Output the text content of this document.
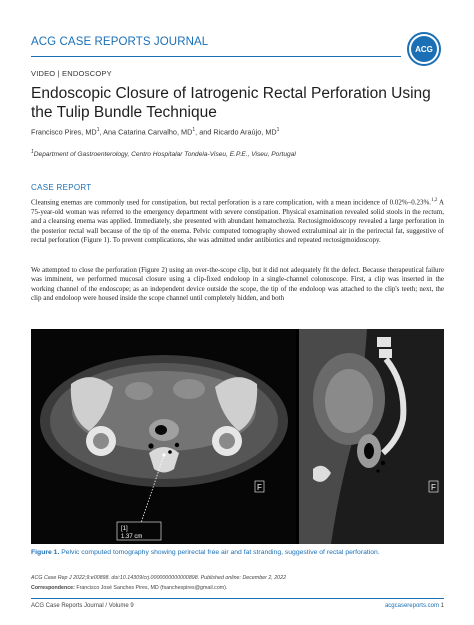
ACG CASE REPORTS JOURNAL
ACG
VIDEO | ENDOSCOPY
Endoscopic Closure of Iatrogenic Rectal Perforation Using the Tulip Bundle Technique
Francisco Pires, $MD^1$, Ana Catarina Carvalho, $MD^1$, and Ricardo Araújo, $MD^1$
$^1$Department of Gastroenterology, Centro Hospitalar Tondela-Viseu, E.P.E., Viseu, Portugal
CASE REPORT

Cleansing enemas are commonly used for constipation, but rectal perforation is a rare complication, with a mean incidence of 0.02%–0.23%.$^{1,2}$ A 75-year-old woman was referred to the emergency department with severe constipation. Physical examination revealed solid stools in the rectum, and a cleansing enema was applied. Immediately, she presented with abundant hematochezia. Rectosigmoidoscopy revealed a large perforation in the posterior rectal wall because of the tip of the enema. Pelvic computed tomography showed extraluminal air in the perirectal fat, suggestive of rectal perforation (Figure 1). To prevent complications, she was admitted under antibiotics and repeated rectosigmoidoscopy.

We attempted to close the perforation (Figure 2) using an over-the-scope clip, but it did not adequately fit the defect. Because therapeutical failure was imminent, we performed mucosal closure using a clip-fixed endoloop in a single-channel colonoscope. First, a clip was inserted in the working channel of the endoscope; as an independent device outside the scope, the tip of the endoloop was attached to the clip's teeth; next, the clip and endoloop were housed inside the scope channel until completely hidden, and both

[1]
1.37 cm
F	F
Figure 1. Pelvic computed tomography showing perirectal free air and fat stranding, suggestive of rectal perforation.
ACG Case Rep J 2022;9:e00898. doi:10.14309/crj.0000000000000898. Published online: December 2, 2022
Correspondence: Francisco José Sanches Pires, MD (fsanchespires@gmail.com).
ACG Case Reports Journal / Volume 9	acgcasereports.com 1
